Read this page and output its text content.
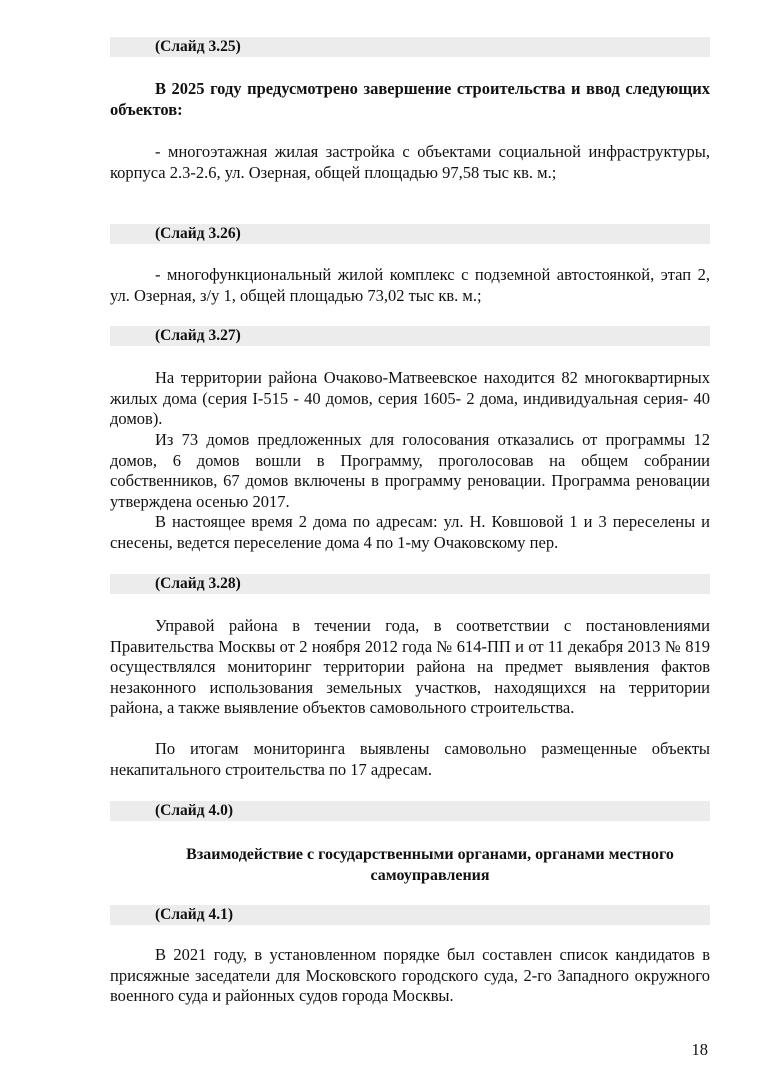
(Слайд 3.25)
В 2025 году предусмотрено завершение строительства и ввод следующих объектов:
- многоэтажная жилая застройка с объектами социальной инфраструктуры, корпуса 2.3-2.6, ул. Озерная, общей площадью 97,58 тыс кв. м.;
(Слайд 3.26)
- многофункциональный жилой комплекс с подземной автостоянкой, этап 2, ул. Озерная, з/у 1, общей площадью 73,02 тыс кв. м.;
(Слайд 3.27)
На территории района Очаково-Матвеевское находится 82 многоквартирных жилых дома (серия I-515 - 40 домов, серия 1605- 2 дома, индивидуальная серия- 40 домов).
Из 73 домов предложенных для голосования отказались от программы 12 домов, 6 домов вошли в Программу, проголосовав на общем собрании собственников, 67 домов включены в программу реновации. Программа реновации утверждена осенью 2017.
В настоящее время 2 дома по адресам: ул. Н. Ковшовой 1 и 3 переселены и снесены, ведется переселение дома 4 по 1-му Очаковскому пер.
(Слайд 3.28)
Управой района в течении года, в соответствии с постановлениями Правительства Москвы от 2 ноября 2012 года № 614-ПП и от 11 декабря 2013 № 819 осуществлялся мониторинг территории района на предмет выявления фактов незаконного использования земельных участков, находящихся на территории района, а также выявление объектов самовольного строительства.
По итогам мониторинга выявлены самовольно размещенные объекты некапитального строительства по 17 адресам.
(Слайд 4.0)
Взаимодействие с государственными органами, органами местного самоуправления
(Слайд 4.1)
В 2021 году, в установленном порядке был составлен список кандидатов в присяжные заседатели для Московского городского суда, 2-го Западного окружного военного суда и районных судов города Москвы.
18
